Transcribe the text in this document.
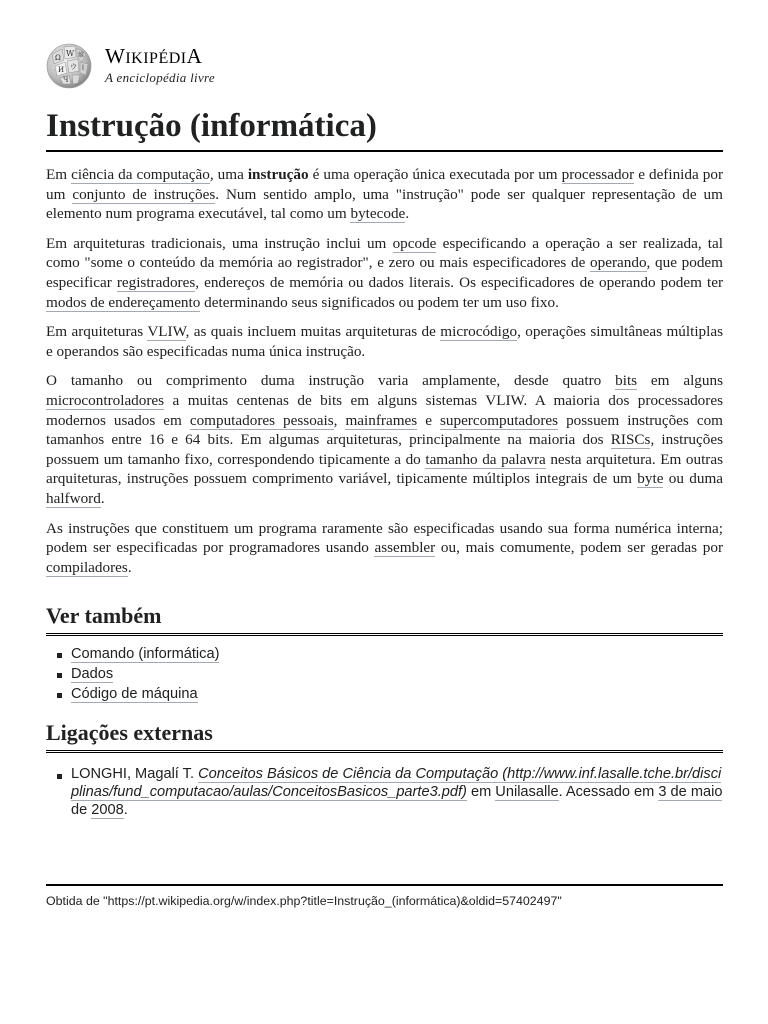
Ω W 維
И ウ ا
Ч
WIKIPÉDIA
A enciclopédia livre
Instrução (informática)

Em ciência da computação, uma instrução é uma operação única executada por um processador e definida por um conjunto de instruções. Num sentido amplo, uma "instrução" pode ser qualquer representação de um elemento num programa executável, tal como um bytecode.

Em arquiteturas tradicionais, uma instrução inclui um opcode especificando a operação a ser realizada, tal como "some o conteúdo da memória ao registrador", e zero ou mais especificadores de operando, que podem especificar registradores, endereços de memória ou dados literais. Os especificadores de operando podem ter modos de endereçamento determinando seus significados ou podem ter um uso fixo.

Em arquiteturas VLIW, as quais incluem muitas arquiteturas de microcódigo, operações simultâneas múltiplas e operandos são especificadas numa única instrução.

O tamanho ou comprimento duma instrução varia amplamente, desde quatro bits em alguns microcontroladores a muitas centenas de bits em alguns sistemas VLIW. A maioria dos processadores modernos usados em computadores pessoais, mainframes e supercomputadores possuem instruções com tamanhos entre 16 e 64 bits. Em algumas arquiteturas, principalmente na maioria dos RISCs, instruções possuem um tamanho fixo, correspondendo tipicamente a do tamanho da palavra nesta arquitetura. Em outras arquiteturas, instruções possuem comprimento variável, tipicamente múltiplos integrais de um byte ou duma halfword.

As instruções que constituem um programa raramente são especificadas usando sua forma numérica interna; podem ser especificadas por programadores usando assembler ou, mais comumente, podem ser geradas por compiladores.

Ver também
Comando (informática)
Dados
Código de máquina
Ligações externas
LONGHI, Magalí T. Conceitos Básicos de Ciência da Computação (http://www.inf.lasalle.tche.br/disciplinas/fund_computacao/aulas/ConceitosBasicos_parte3.pdf) em Unilasalle. Acessado em 3 de maio de 2008.
Obtida de "https://pt.wikipedia.org/w/index.php?title=Instrução_(informática)&oldid=57402497"
